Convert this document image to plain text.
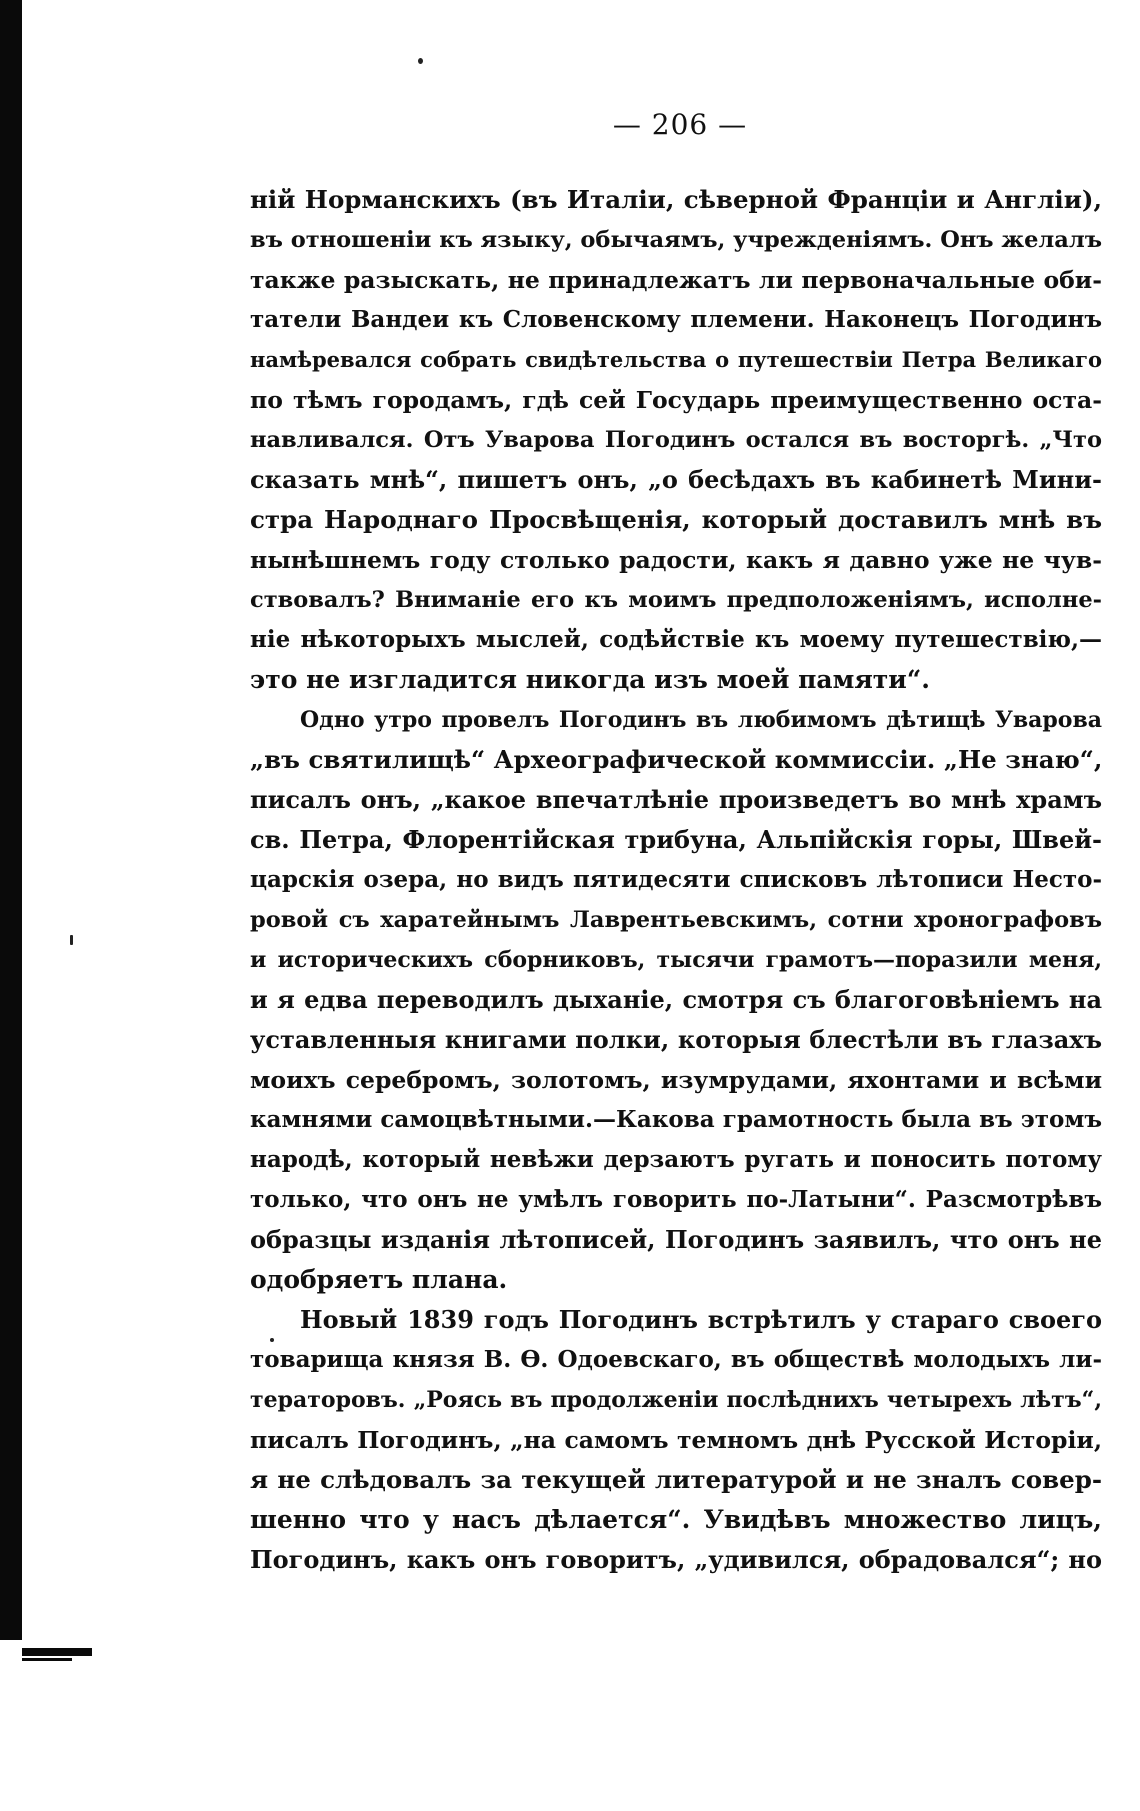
— 206 —
ній Норманскихъ (въ Италіи, сѣверной Франціи и Англіи),
въ отношеніи къ языку, обычаямъ, учрежденіямъ. Онъ желалъ
также разыскать, не принадлежатъ ли первоначальные оби-
татели Вандеи къ Словенскому племени. Наконецъ Погодинъ
намѣревался собрать свидѣтельства о путешествіи Петра Великаго
по тѣмъ городамъ, гдѣ сей Государь преимущественно оста-
навливался. Отъ Уварова Погодинъ остался въ восторгѣ. „Что
сказать мнѣ“, пишетъ онъ, „о бесѣдахъ въ кабинетѣ Мини-
стра Народнаго Просвѣщенія, который доставилъ мнѣ въ
нынѣшнемъ году столько радости, какъ я давно уже не чув-
ствовалъ? Вниманіе его къ моимъ предположеніямъ, исполне-
ніе нѣкоторыхъ мыслей, содѣйствіе къ моему путешествію,—
это не изгладится никогда изъ моей памяти“.
Одно утро провелъ Погодинъ въ любимомъ дѣтищѣ Уварова
„въ святилищѣ“ Археографической коммиссіи. „Не знаю“,
писалъ онъ, „какое впечатлѣніе произведетъ во мнѣ храмъ
св. Петра, Флорентійская трибуна, Альпійскія горы, Швей-
царскія озера, но видъ пятидесяти списковъ лѣтописи Несто-
ровой съ харатейнымъ Лаврентьевскимъ, сотни хронографовъ
и историческихъ сборниковъ, тысячи грамотъ—поразили меня,
и я едва переводилъ дыханіе, смотря съ благоговѣніемъ на
уставленныя книгами полки, которыя блестѣли въ глазахъ
моихъ серебромъ, золотомъ, изумрудами, яхонтами и всѣми
камнями самоцвѣтными.—Какова грамотность была въ этомъ
народѣ, который невѣжи дерзаютъ ругать и поносить потому
только, что онъ не умѣлъ говорить по-Латыни“. Разсмотрѣвъ
образцы изданія лѣтописей, Погодинъ заявилъ, что онъ не
одобряетъ плана.
Новый 1839 годъ Погодинъ встрѣтилъ у стараго своего
товарища князя В. Ѳ. Одоевскаго, въ обществѣ молодыхъ ли-
тераторовъ. „Роясь въ продолженіи послѣднихъ четырехъ лѣтъ“,
писалъ Погодинъ, „на самомъ темномъ днѣ Русской Исторіи,
я не слѣдовалъ за текущей литературой и не зналъ совер-
шенно что у насъ дѣлается“. Увидѣвъ множество лицъ,
Погодинъ, какъ онъ говоритъ, „удивился, обрадовался“; но
